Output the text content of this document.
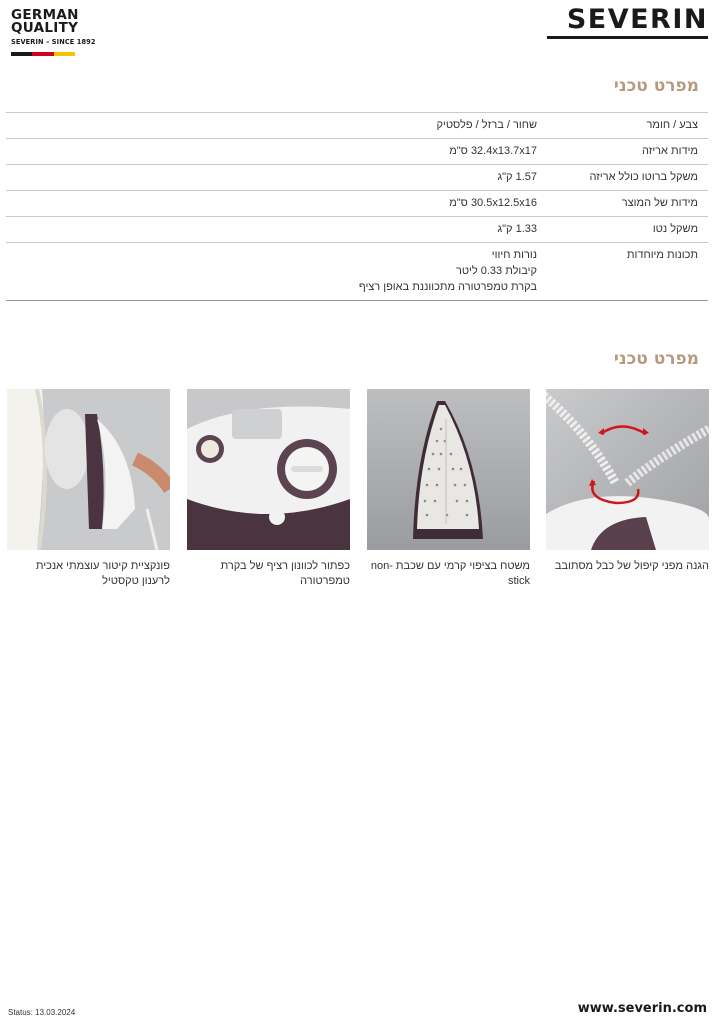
GERMAN
QUALITY
SEVERIN – SINCE 1892
SEVERIN
מפרט טכני
צבע / חומר	שחור / ברזל / פלסטיק

מידות אריזה	32.4x13.7x17 ס"מ

משקל ברוטו כולל אריזה	1.57 ק"ג

מידות של המוצר	30.5x12.5x16 ס"מ

משקל נטו	1.33 ק"ג

תכונות מיוחדות	נורות חיווי
קיבולת 0.33 ליטר
בקרת טמפרטורה מתכווננת באופן רציף
מפרט טכני
הגנה מפני קיפול של כבל מסתובב
משטח בציפוי קרמי עם שכבת non-stick
כפתור לכוונון רציף של בקרת טמפרטורה
פונקציית קיטור עוצמתי אנכית לרענון טקסטיל
Status: 13.03.2024	www.severin.com
